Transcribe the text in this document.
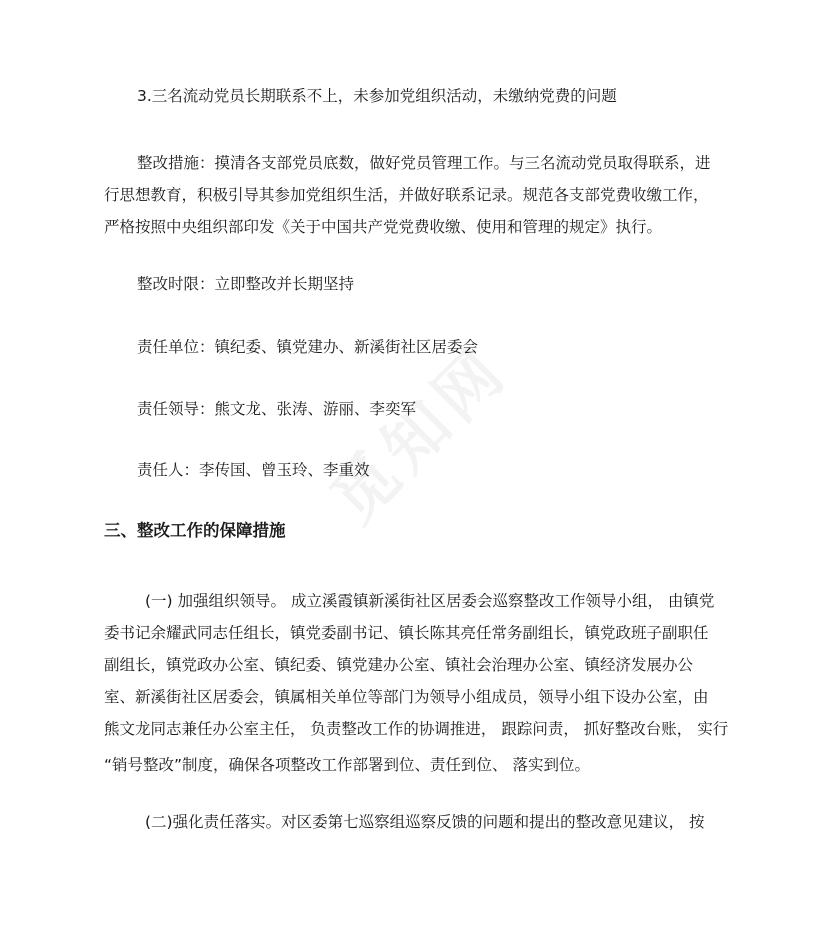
3.三名流动党员长期联系不上，未参加党组织活动，未缴纳党费的问题

整改措施：摸清各支部党员底数，做好党员管理工作。与三名流动党员取得联系，进

行思想教育，积极引导其参加党组织生活，并做好联系记录。规范各支部党费收缴工作，

严格按照中央组织部印发《关于中国共产党党费收缴、使用和管理的规定》执行。

整改时限：立即整改并长期坚持

责任单位：镇纪委、镇党建办、新溪街社区居委会

责任领导：熊文龙、张涛、游丽、李奕军

责任人：李传国、曾玉玲、李重效

三、整改工作的保障措施

(一) 加强组织领导。 成立溪霞镇新溪街社区居委会巡察整改工作领导小组， 由镇党

委书记余耀武同志任组长，镇党委副书记、镇长陈其亮任常务副组长，镇党政班子副职任

副组长，镇党政办公室、镇纪委、镇党建办公室、镇社会治理办公室、镇经济发展办公

室、新溪街社区居委会，镇属相关单位等部门为领导小组成员，领导小组下设办公室，由

熊文龙同志兼任办公室主任， 负责整改工作的协调推进， 跟踪问责， 抓好整改台账， 实行

“销号整改”制度，确保各项整改工作部署到位、责任到位、 落实到位。

(二)强化责任落实。对区委第七巡察组巡察反馈的问题和提出的整改意见建议， 按
